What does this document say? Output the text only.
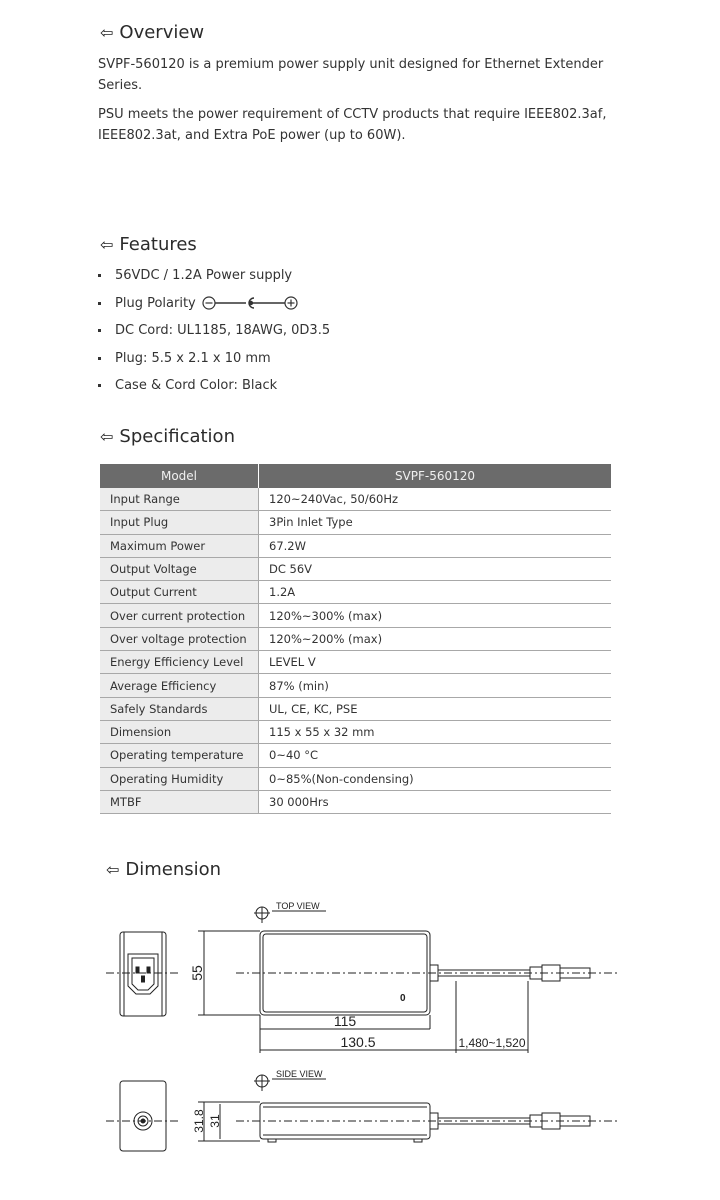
⇦ Overview

SVPF-560120 is a premium power supply unit designed for Ethernet Extender Series.

PSU meets the power requirement of CCTV products that require IEEE802.3af, IEEE802.3at, and Extra PoE power (up to 60W).

⇦ Features
56VDC / 1.2A Power supply
Plug Polarity
DC Cord: UL1185, 18AWG, 0D3.5
Plug: 5.5 x 2.1 x 10 mm
Case & Cord Color: Black
⇦ Specification
Model	SVPF-560120
Input Range	120~240Vac, 50/60Hz
Input Plug	3Pin Inlet Type
Maximum Power	67.2W
Output Voltage	DC 56V
Output Current	1.2A
Over current protection	120%~300% (max)
Over voltage protection	120%~200% (max)
Energy Efficiency Level	LEVEL V
Average Efficiency	87% (min)
Safely Standards	UL, CE, KC, PSE
Dimension	115 x 55 x 32 mm
Operating temperature	0~40 °C
Operating Humidity	0~85%(Non-condensing)
MTBF	30 000Hrs
⇦ Dimension
TOP VIEW
SIDE VIEW
55
115
130.5	1,480~1,520
31.8 31
0
